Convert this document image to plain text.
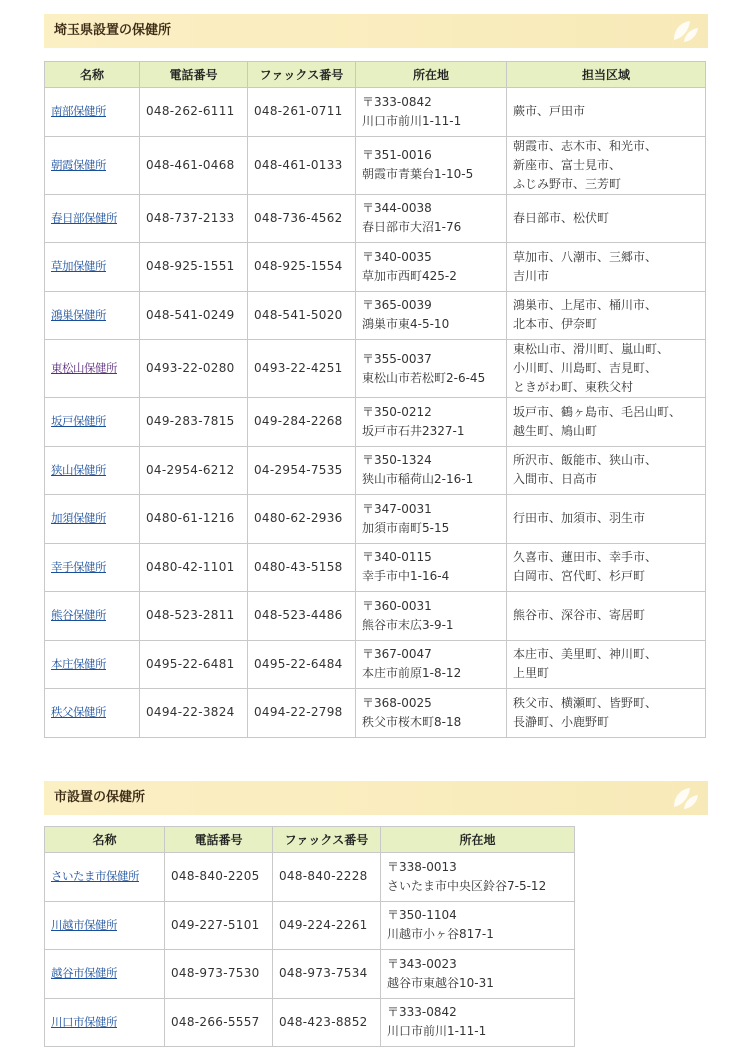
埼玉県設置の保健所
名称	電話番号	ファックス番号	所在地	担当区域
南部保健所	048-262-6111	048-261-0711	〒333-0842
川口市前川1-11-1	蕨市、戸田市

朝霞保健所	048-461-0468	048-461-0133	〒351-0016
朝霞市青葉台1-10-5	朝霞市、志木市、和光市、
新座市、富士見市、
ふじみ野市、三芳町

春日部保健所	048-737-2133	048-736-4562	〒344-0038
春日部市大沼1-76	春日部市、松伏町

草加保健所	048-925-1551	048-925-1554	〒340-0035
草加市西町425-2	草加市、八潮市、三郷市、
吉川市

鴻巣保健所	048-541-0249	048-541-5020	〒365-0039
鴻巣市東4-5-10	鴻巣市、上尾市、桶川市、
北本市、伊奈町

東松山保健所	0493-22-0280	0493-22-4251	〒355-0037
東松山市若松町2-6-45	東松山市、滑川町、嵐山町、
小川町、川島町、吉見町、
ときがわ町、東秩父村

坂戸保健所	049-283-7815	049-284-2268	〒350-0212
坂戸市石井2327-1	坂戸市、鶴ヶ島市、毛呂山町、
越生町、鳩山町

狭山保健所	04-2954-6212	04-2954-7535	〒350-1324
狭山市稲荷山2-16-1	所沢市、飯能市、狭山市、
入間市、日高市

加須保健所	0480-61-1216	0480-62-2936	〒347-0031
加須市南町5-15	行田市、加須市、羽生市

幸手保健所	0480-42-1101	0480-43-5158	〒340-0115
幸手市中1-16-4	久喜市、蓮田市、幸手市、
白岡市、宮代町、杉戸町

熊谷保健所	048-523-2811	048-523-4486	〒360-0031
熊谷市末広3-9-1	熊谷市、深谷市、寄居町

本庄保健所	0495-22-6481	0495-22-6484	〒367-0047
本庄市前原1-8-12	本庄市、美里町、神川町、
上里町

秩父保健所	0494-22-3824	0494-22-2798	〒368-0025
秩父市桜木町8-18	秩父市、横瀬町、皆野町、
長瀞町、小鹿野町
市設置の保健所
名称	電話番号	ファックス番号	所在地
さいたま市保健所	048-840-2205	048-840-2228	〒338-0013
さいたま市中央区鈴谷7-5-12

川越市保健所	049-227-5101	049-224-2261	〒350-1104
川越市小ヶ谷817-1

越谷市保健所	048-973-7530	048-973-7534	〒343-0023
越谷市東越谷10-31

川口市保健所	048-266-5557	048-423-8852	〒333-0842
川口市前川1-11-1
